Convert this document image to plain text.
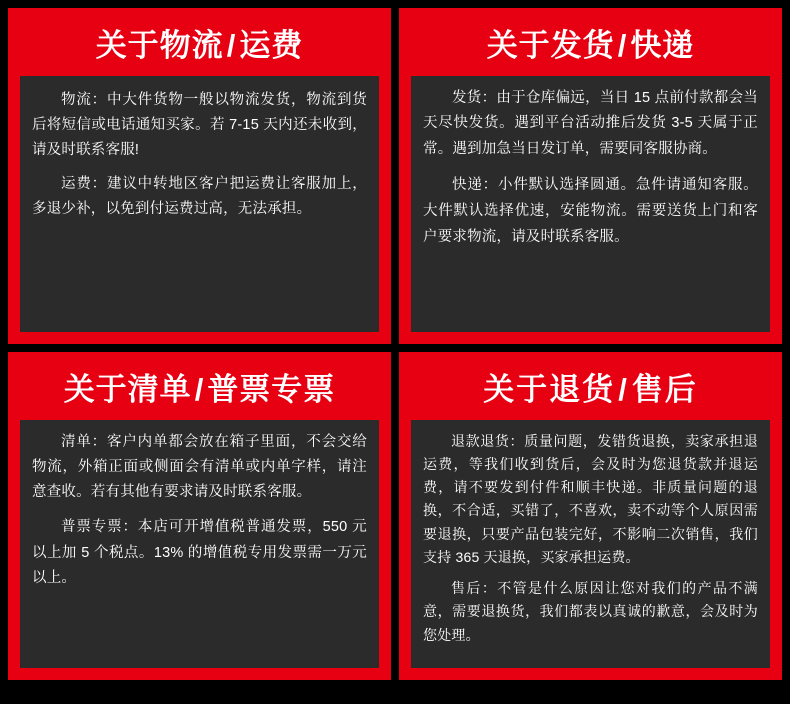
关于物流/运费

物流：中大件货物一般以物流发货，物流到货后将短信或电话通知买家。若 7-15 天内还未收到，请及时联系客服!

运费：建议中转地区客户把运费让客服加上，多退少补，以免到付运费过高，无法承担。

关于发货/快递

发货：由于仓库偏远，当日 15 点前付款都会当天尽快发货。遇到平台活动推后发货 3-5 天属于正常。遇到加急当日发订单，需要同客服协商。

快递：小件默认选择圆通。急件请通知客服。大件默认选择优速，安能物流。需要送货上门和客户要求物流，请及时联系客服。

关于清单/普票专票

清单：客户内单都会放在箱子里面，不会交给物流，外箱正面或侧面会有清单或内单字样，请注意查收。若有其他有要求请及时联系客服。

普票专票：本店可开增值税普通发票，550 元以上加 5 个税点。13% 的增值税专用发票需一万元以上。

关于退货/售后

退款退货：质量问题，发错货退换，卖家承担退运费，等我们收到货后，会及时为您退货款并退运费，请不要发到付件和顺丰快递。非质量问题的退换，不合适，买错了，不喜欢，卖不动等个人原因需要退换，只要产品包装完好，不影响二次销售，我们支持 365 天退换，买家承担运费。

售后：不管是什么原因让您对我们的产品不满意，需要退换货，我们都表以真诚的歉意，会及时为您处理。
